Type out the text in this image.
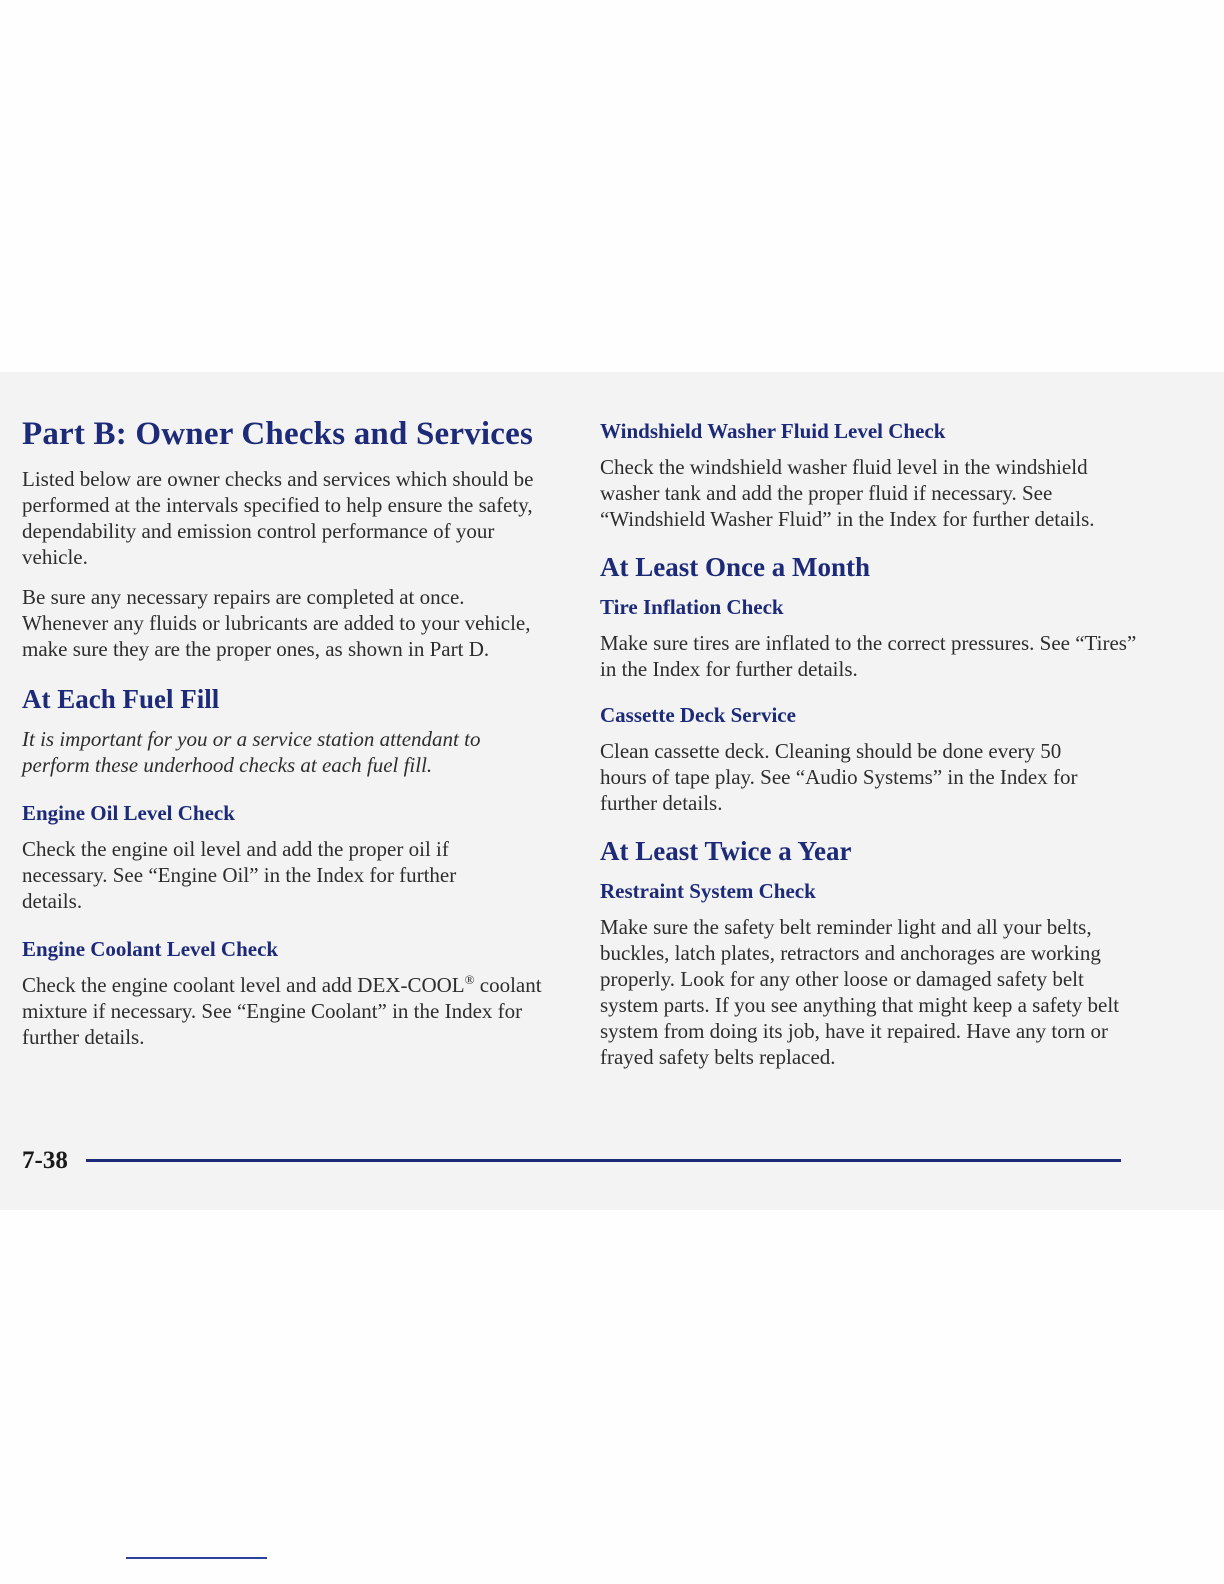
Part B: Owner Checks and Services

Listed below are owner checks and services which should be performed at the intervals specified to help ensure the safety, dependability and emission control performance of your vehicle.

Be sure any necessary repairs are completed at once. Whenever any fluids or lubricants are added to your vehicle, make sure they are the proper ones, as shown in Part D.

At Each Fuel Fill

It is important for you or a service station attendant to perform these underhood checks at each fuel fill.

Engine Oil Level Check

Check the engine oil level and add the proper oil if necessary. See “Engine Oil” in the Index for further details.

Engine Coolant Level Check

Check the engine coolant level and add DEX-COOL® coolant mixture if necessary. See “Engine Coolant” in the Index for further details.

Windshield Washer Fluid Level Check

Check the windshield washer fluid level in the windshield washer tank and add the proper fluid if necessary. See “Windshield Washer Fluid” in the Index for further details.

At Least Once a Month
Tire Inflation Check

Make sure tires are inflated to the correct pressures. See “Tires” in the Index for further details.

Cassette Deck Service

Clean cassette deck. Cleaning should be done every 50 hours of tape play. See “Audio Systems” in the Index for further details.

At Least Twice a Year
Restraint System Check

Make sure the safety belt reminder light and all your belts, buckles, latch plates, retractors and anchorages are working properly. Look for any other loose or damaged safety belt system parts. If you see anything that might keep a safety belt system from doing its job, have it repaired. Have any torn or frayed safety belts replaced.

7-38
